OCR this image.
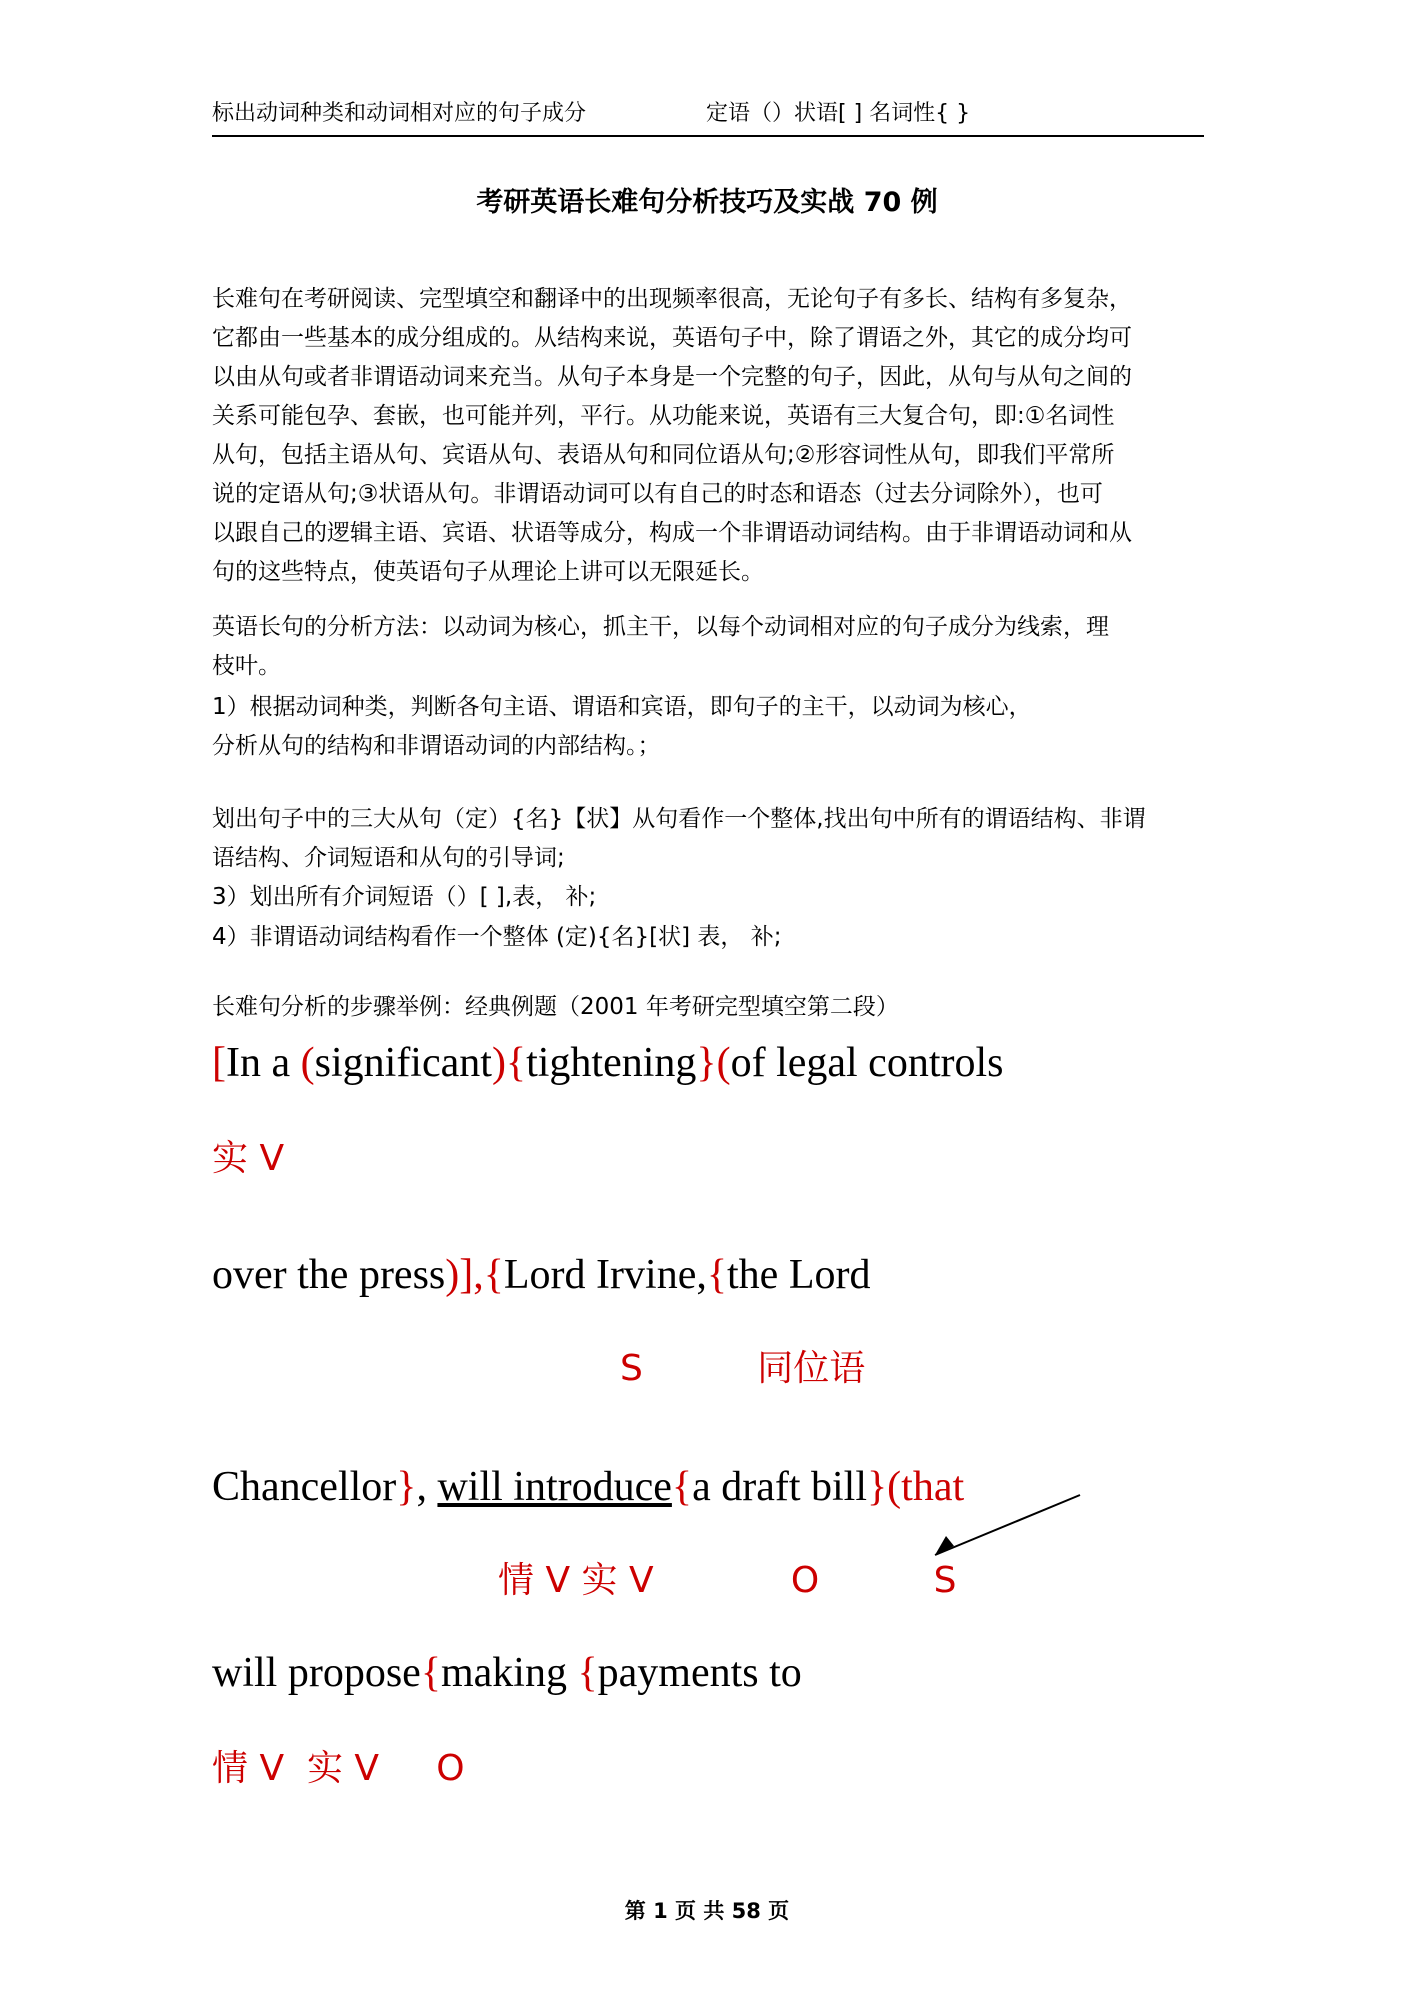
标出动词种类和动词相对应的句子成分	定语（）状语[ ] 名词性{ }
考研英语长难句分析技巧及实战 70 例
长难句在考研阅读、完型填空和翻译中的出现频率很高，无论句子有多长、结构有多复杂，
它都由一些基本的成分组成的。从结构来说，英语句子中，除了谓语之外，其它的成分均可
以由从句或者非谓语动词来充当。从句子本身是一个完整的句子，因此，从句与从句之间的
关系可能包孕、套嵌，也可能并列，平行。从功能来说，英语有三大复合句，即:①名词性
从句，包括主语从句、宾语从句、表语从句和同位语从句;②形容词性从句，即我们平常所
说的定语从句;③状语从句。非谓语动词可以有自己的时态和语态（过去分词除外），也可
以跟自己的逻辑主语、宾语、状语等成分，构成一个非谓语动词结构。由于非谓语动词和从
句的这些特点，使英语句子从理论上讲可以无限延长。
英语长句的分析方法：以动词为核心，抓主干，以每个动词相对应的句子成分为线索，理
枝叶。
1）根据动词种类，判断各句主语、谓语和宾语，即句子的主干，以动词为核心，
分析从句的结构和非谓语动词的内部结构。；
划出句子中的三大从句（定）{名}【状】从句看作一个整体,找出句中所有的谓语结构、非谓
语结构、介词短语和从句的引导词;
3）划出所有介词短语（）[ ],表， 补;
4）非谓语动词结构看作一个整体 (定){名}[状] 表， 补;
长难句分析的步骤举例：经典例题（2001 年考研完型填空第二段）
[In a (significant){tightening}(of legal controls
实 V
over the press)],{Lord Irvine,{the Lord
S          同位语
Chancellor}, will introduce{a draft bill}(that
情 V 实 V            O          S
will propose{making {payments to
情 V  实 V     O
第 1 页 共 58 页
